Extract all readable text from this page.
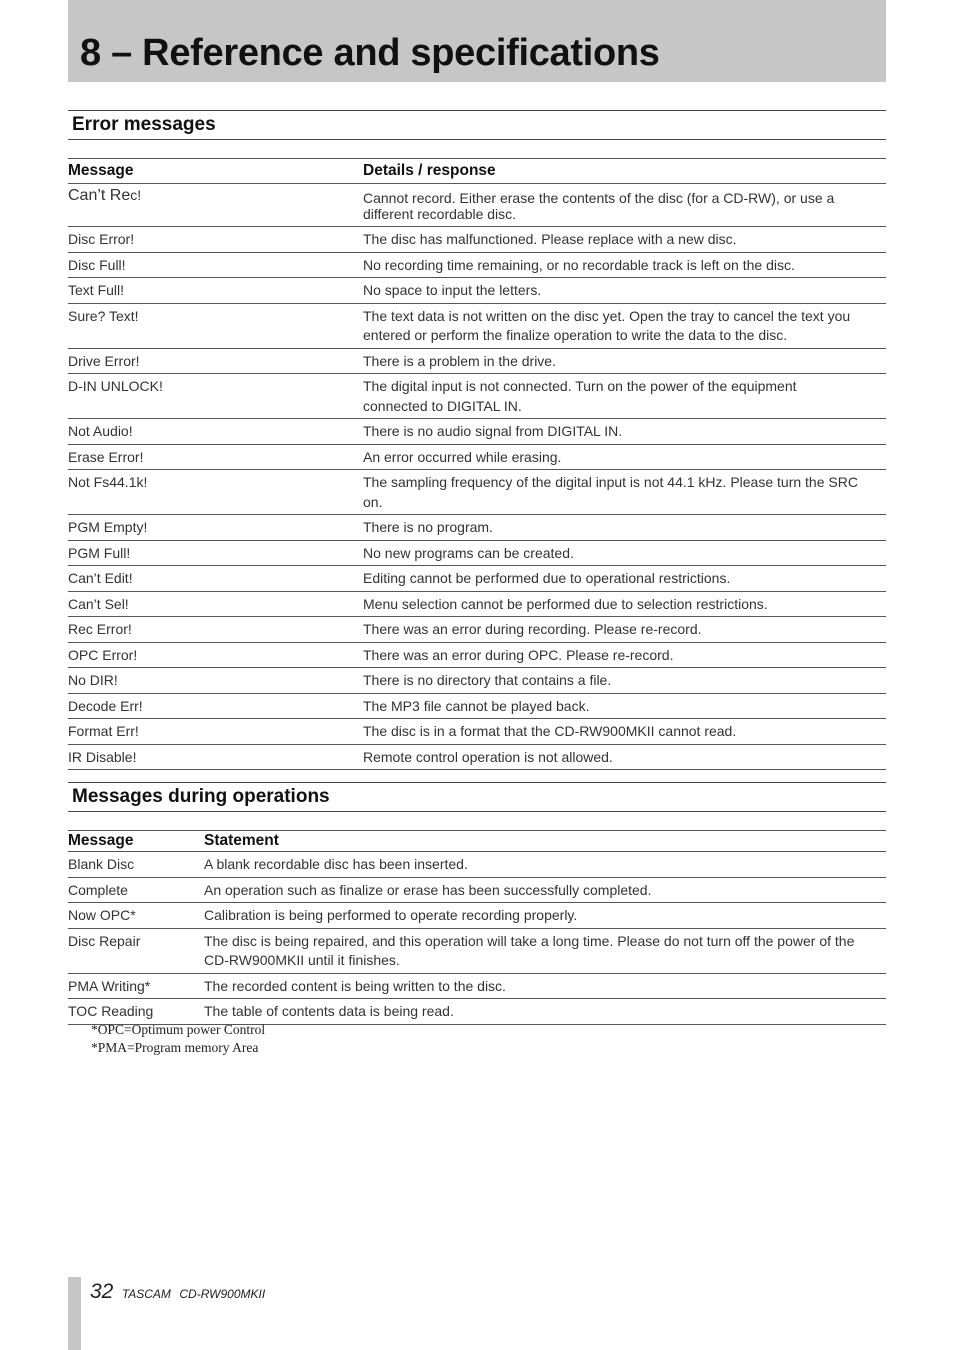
8 – Reference and specifications
Error messages
Message	Details / response
Can’t Rec!	Cannot record. Either erase the contents of the disc (for a CD-RW), or use a different recordable disc.
Disc Error!	The disc has malfunctioned. Please replace with a new disc.
Disc Full!	No recording time remaining, or no recordable track is left on the disc.
Text Full!	No space to input the letters.
Sure? Text!	The text data is not written on the disc yet. Open the tray to cancel the text you entered or perform the finalize operation to write the data to the disc.
Drive Error!	There is a problem in the drive.
D-IN UNLOCK!	The digital input is not connected. Turn on the power of the equipment connected to DIGITAL IN.
Not Audio!	There is no audio signal from DIGITAL IN.
Erase Error!	An error occurred while erasing.
Not Fs44.1k!	The sampling frequency of the digital input is not 44.1 kHz. Please turn the SRC on.
PGM Empty!	There is no program.
PGM Full!	No new programs can be created.
Can’t Edit!	Editing cannot be performed due to operational restrictions.
Can’t Sel!	Menu selection cannot be performed due to selection restrictions.
Rec Error!	There was an error during recording. Please re-record.
OPC Error!	There was an error during OPC. Please re-record.
No DIR!	There is no directory that contains a file.
Decode Err!	The MP3 file cannot be played back.
Format Err!	The disc is in a format that the CD-RW900MKII cannot read.
IR Disable!	Remote control operation is not allowed.
Messages during operations
Message	Statement
Blank Disc	A blank recordable disc has been inserted.
Complete	An operation such as finalize or erase has been successfully completed.
Now OPC*	Calibration is being performed to operate recording properly.
Disc Repair	The disc is being repaired, and this operation will take a long time. Please do not turn off the power of the CD-RW900MKII until it finishes.
PMA Writing*	The recorded content is being written to the disc.
TOC Reading	The table of contents data is being read.
*OPC=Optimum power Control
*PMA=Program memory Area
32 TASCAM CD-RW900MKII
